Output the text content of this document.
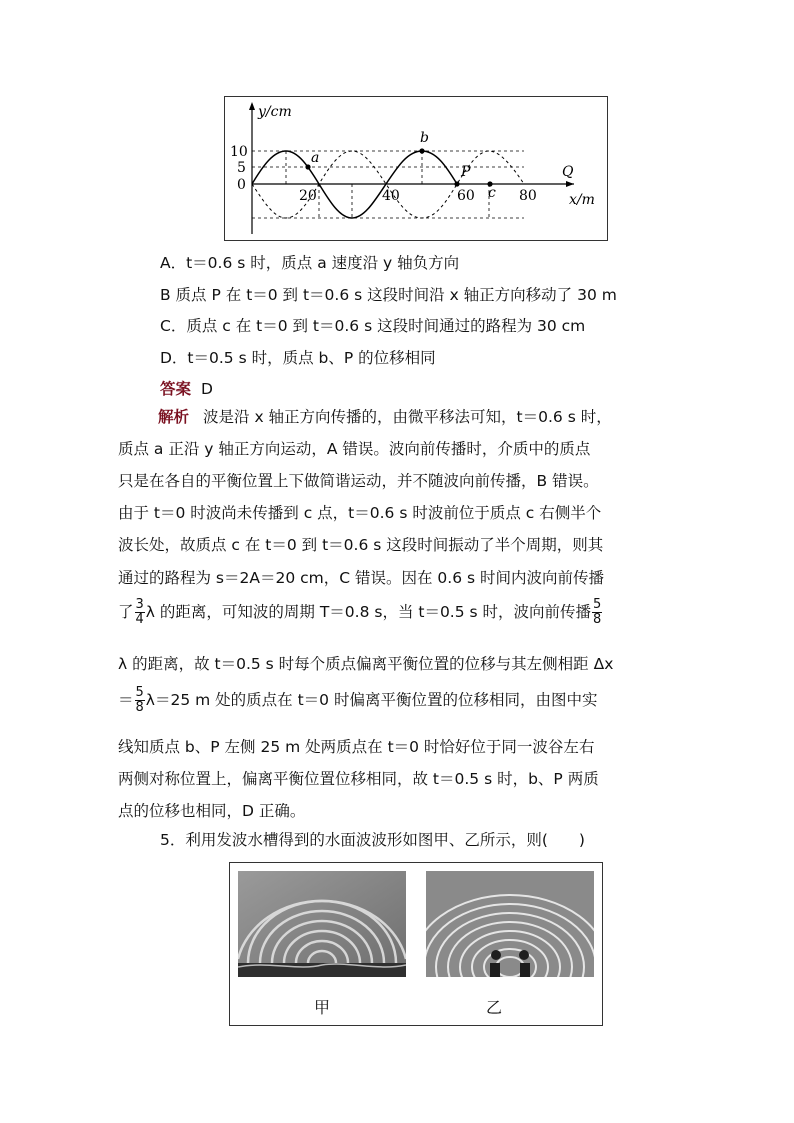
y/cm
x/m
10
5
0
20	40	60	80
a
b
P
c
Q
A．t＝0.6 s 时，质点 a 速度沿 y 轴负方向
B 质点 P 在 t＝0 到 t＝0.6 s 这段时间沿 x 轴正方向移动了 30 m
C．质点 c 在 t＝0 到 t＝0.6 s 这段时间通过的路程为 30 cm
D．t＝0.5 s 时，质点 b、P 的位移相同
答案 D
解析 波是沿 x 轴正方向传播的，由微平移法可知，t＝0.6 s 时，
质点 a 正沿 y 轴正方向运动，A 错误。波向前传播时，介质中的质点
只是在各自的平衡位置上下做简谐运动，并不随波向前传播，B 错误。
由于 t＝0 时波尚未传播到 c 点，t＝0.6 s 时波前位于质点 c 右侧半个
波长处，故质点 c 在 t＝0 到 t＝0.6 s 这段时间振动了半个周期，则其
通过的路程为 s＝2A＝20 cm，C 错误。因在 0.6 s 时间内波向前传播
了 $\frac{3}{4}$ λ 的距离，可知波的周期 T＝0.8 s，当 t＝0.5 s 时，波向前传播 $\frac{5}{8}$
λ 的距离，故 t＝0.5 s 时每个质点偏离平衡位置的位移与其左侧相距 Δx
＝ $\frac{5}{8} \lambda=25$ m 处的质点在 t＝0 时偏离平衡位置的位移相同，由图中实
线知质点 b、P 左侧 25 m 处两质点在 t＝0 时恰好位于同一波谷左右
两侧对称位置上，偏离平衡位置位移相同，故 t＝0.5 s 时，b、P 两质
点的位移也相同，D 正确。
5．利用发波水槽得到的水面波波形如图甲、乙所示，则(　　)
甲	乙
